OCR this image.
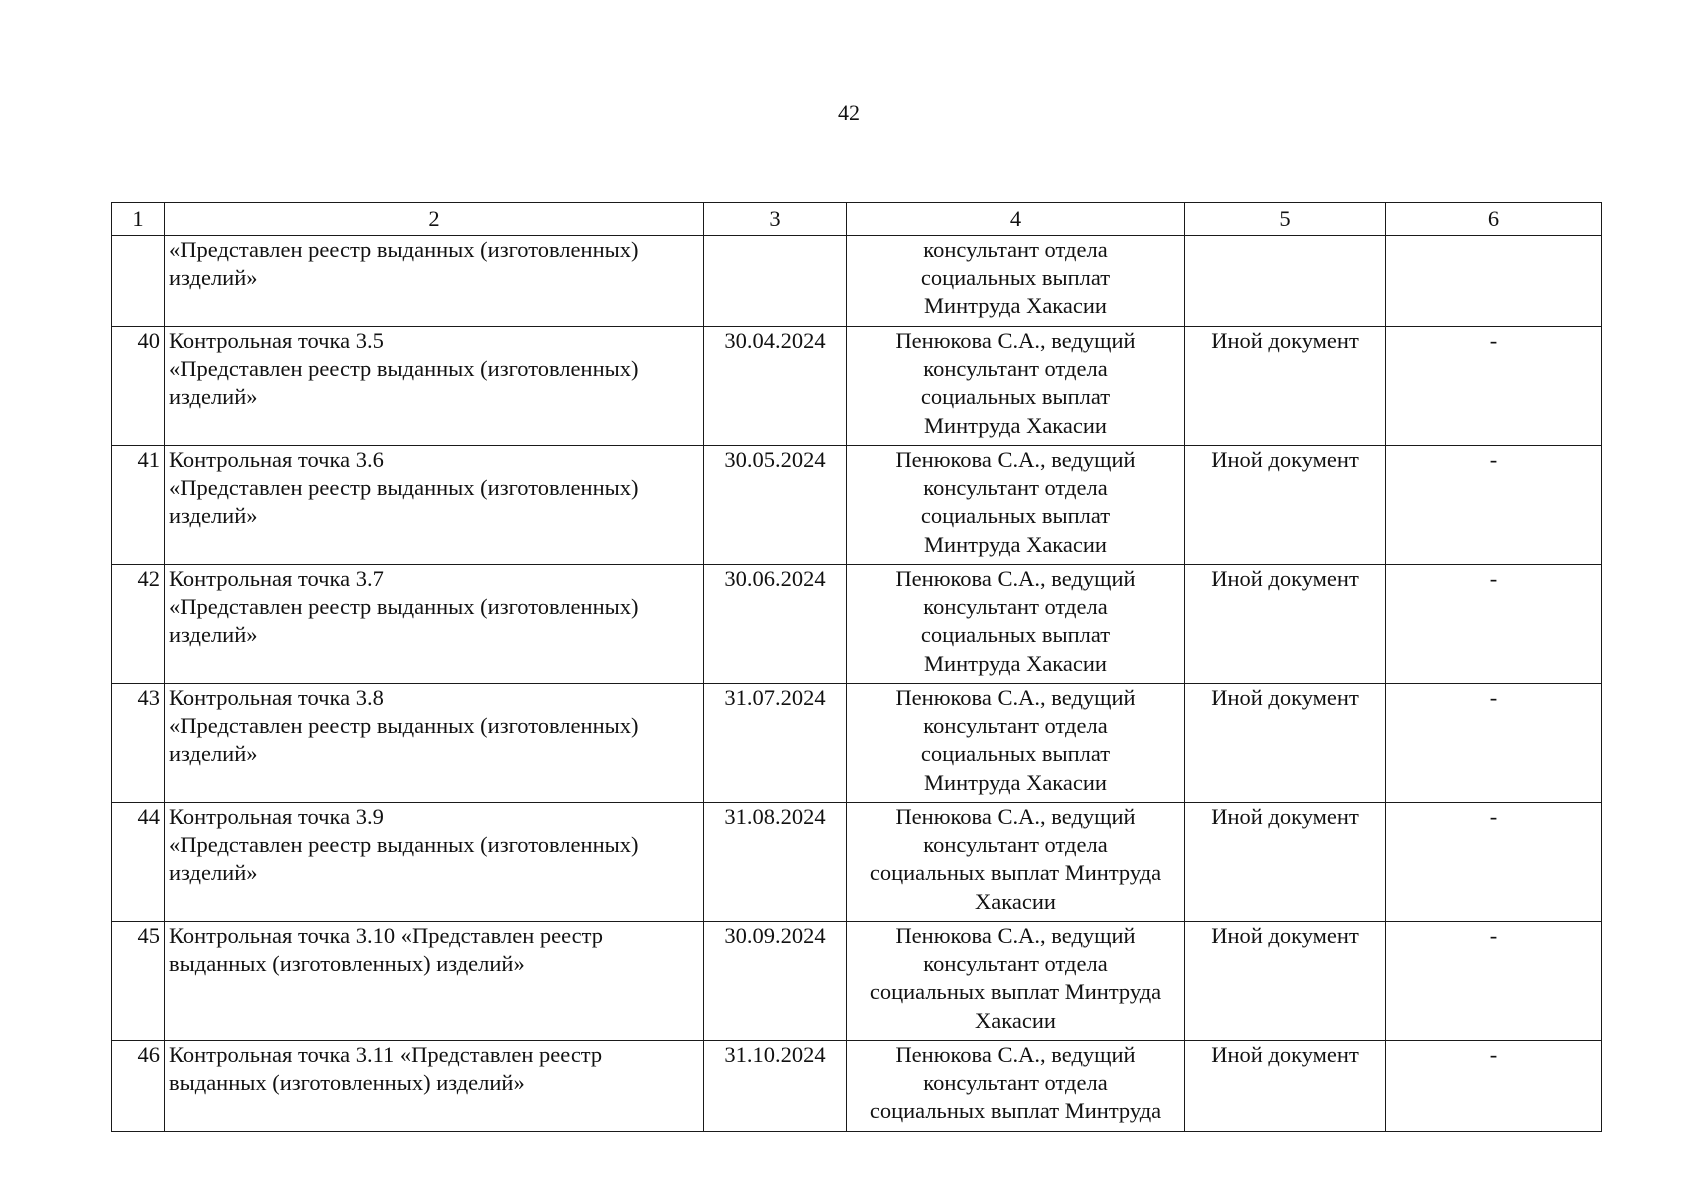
42
1	2	3	4	5	6
	«Представлен реестр выданных (изготовленных)
изделий»		консультант отдела
социальных выплат
Минтруда Хакасии		
40	Контрольная точка 3.5
«Представлен реестр выданных (изготовленных)
изделий»	30.04.2024	Пенюкова С.А., ведущий
консультант отдела
социальных выплат
Минтруда Хакасии	Иной документ	-
41	Контрольная точка 3.6
«Представлен реестр выданных (изготовленных)
изделий»	30.05.2024	Пенюкова С.А., ведущий
консультант отдела
социальных выплат
Минтруда Хакасии	Иной документ	-
42	Контрольная точка 3.7
«Представлен реестр выданных (изготовленных)
изделий»	30.06.2024	Пенюкова С.А., ведущий
консультант отдела
социальных выплат
Минтруда Хакасии	Иной документ	-
43	Контрольная точка 3.8
«Представлен реестр выданных (изготовленных)
изделий»	31.07.2024	Пенюкова С.А., ведущий
консультант отдела
социальных выплат
Минтруда Хакасии	Иной документ	-
44	Контрольная точка 3.9
«Представлен реестр выданных (изготовленных)
изделий»	31.08.2024	Пенюкова С.А., ведущий
консультант отдела
социальных выплат Минтруда
Хакасии	Иной документ	-
45	Контрольная точка 3.10 «Представлен реестр
выданных (изготовленных) изделий»	30.09.2024	Пенюкова С.А., ведущий
консультант отдела
социальных выплат Минтруда
Хакасии	Иной документ	-
46	Контрольная точка 3.11 «Представлен реестр
выданных (изготовленных) изделий»	31.10.2024	Пенюкова С.А., ведущий
консультант отдела
социальных выплат Минтруда	Иной документ	-
